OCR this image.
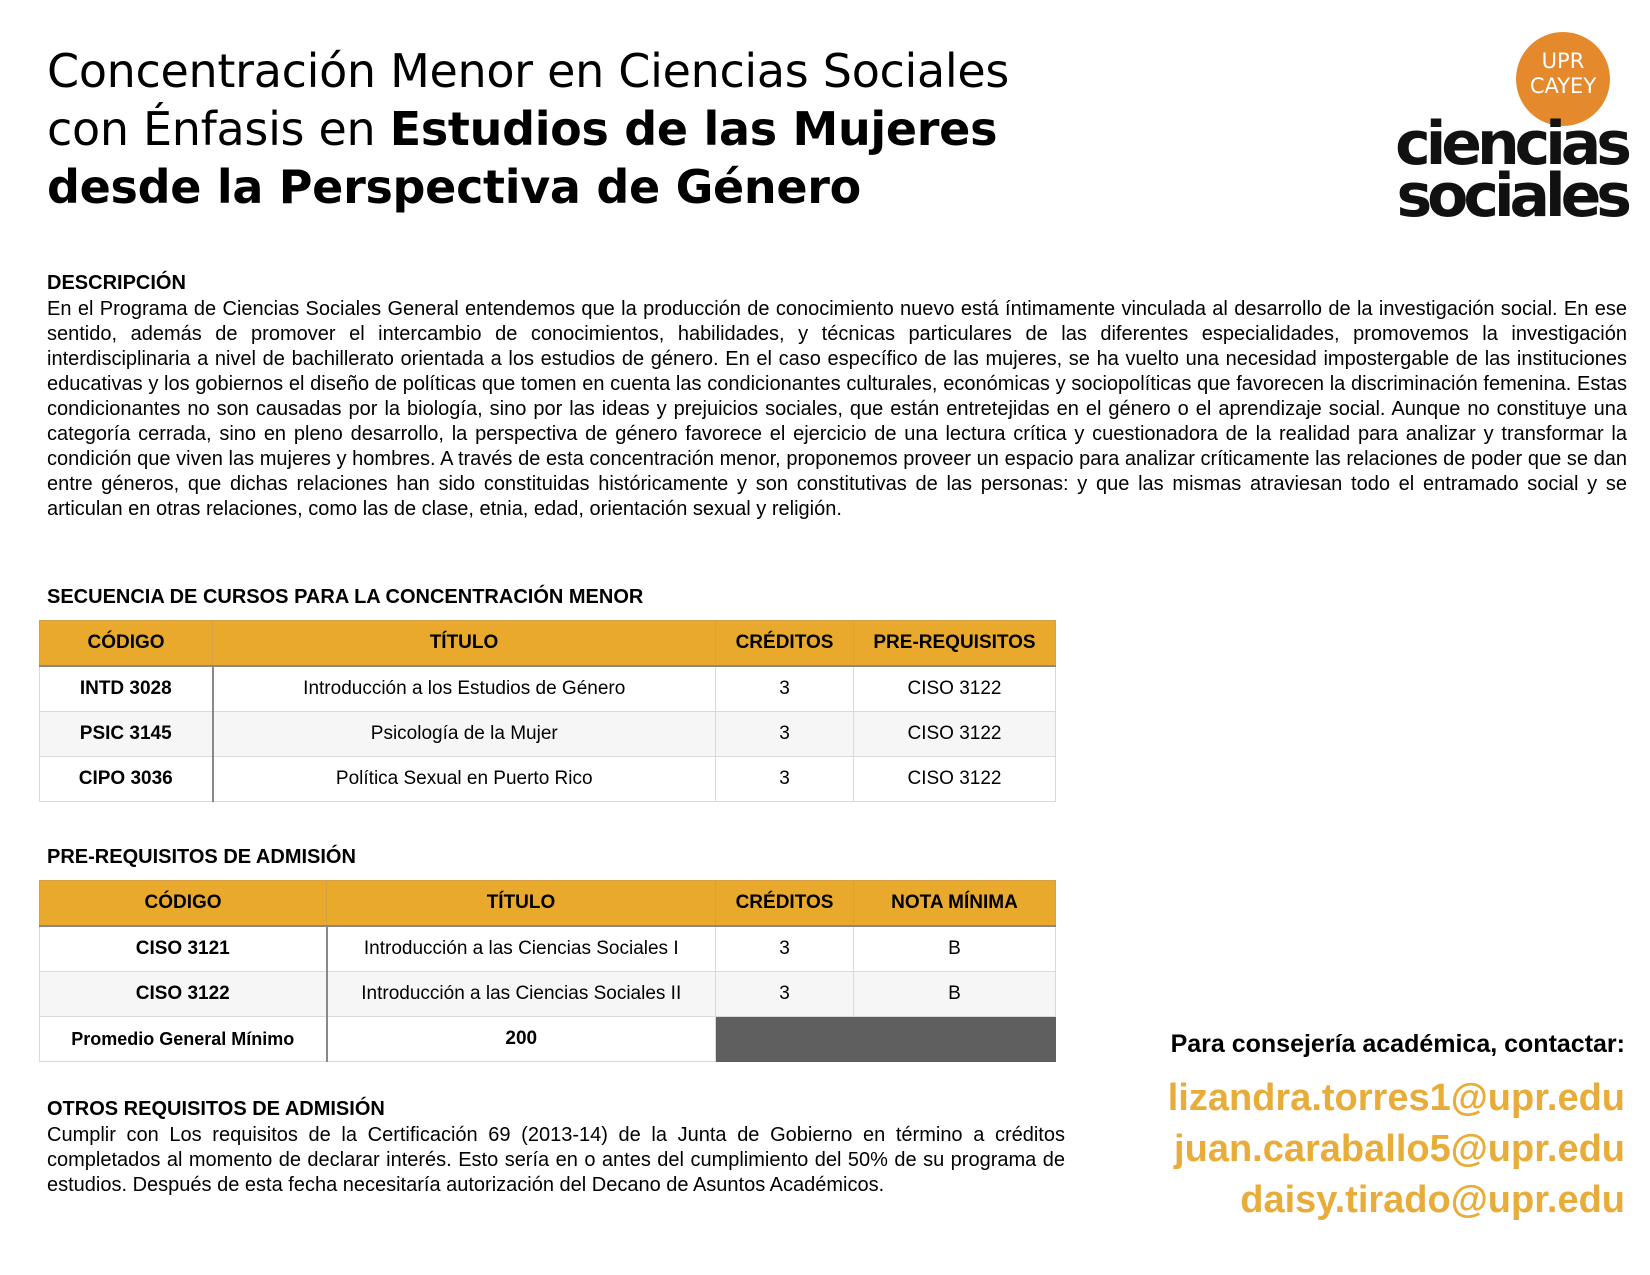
Concentración Menor en Ciencias Sociales
con Énfasis en Estudios de las Mujeres
desde la Perspectiva de Género
UPR
CAYEY
ciencias
sociales
DESCRIPCIÓN
En el Programa de Ciencias Sociales General entendemos que la producción de conocimiento nuevo está íntimamente vinculada al desarrollo de la investigación social. En ese sentido, además de promover el intercambio de conocimientos, habilidades, y técnicas particulares de las diferentes especialidades, promovemos la investigación interdisciplinaria a nivel de bachillerato orientada a los estudios de género. En el caso específico de las mujeres, se ha vuelto una necesidad impostergable de las instituciones educativas y los gobiernos el diseño de políticas que tomen en cuenta las condicionantes culturales, económicas y sociopolíticas que favorecen la discriminación femenina. Estas condicionantes no son causadas por la biología, sino por las ideas y prejuicios sociales, que están entretejidas en el género o el aprendizaje social. Aunque no constituye una categoría cerrada, sino en pleno desarrollo, la perspectiva de género favorece el ejercicio de una lectura crítica y cuestionadora de la realidad para analizar y transformar la condición que viven las mujeres y hombres. A través de esta concentración menor, proponemos proveer un espacio para analizar críticamente las relaciones de poder que se dan entre géneros, que dichas relaciones han sido constituidas históricamente y son constitutivas de las personas: y que las mismas atraviesan todo el entramado social y se articulan en otras relaciones, como las de clase, etnia, edad, orientación sexual y religión.
SECUENCIA DE CURSOS PARA LA CONCENTRACIÓN MENOR
CÓDIGO	TÍTULO	CRÉDITOS	PRE-REQUISITOS
INTD 3028	Introducción a los Estudios de Género	3	CISO 3122
PSIC 3145	Psicología de la Mujer	3	CISO 3122
CIPO 3036	Política Sexual en Puerto Rico	3	CISO 3122
PRE-REQUISITOS DE ADMISIÓN
CÓDIGO	TÍTULO	CRÉDITOS	NOTA MÍNIMA
CISO 3121	Introducción a las Ciencias Sociales I	3	B
CISO 3122	Introducción a las Ciencias Sociales II	3	B
Promedio General Mínimo	200		
OTROS REQUISITOS DE ADMISIÓN
Cumplir con Los requisitos de la Certificación 69 (2013-14) de la Junta de Gobierno en término a créditos completados al momento de declarar interés. Esto sería en o antes del cumplimiento del 50% de su programa de estudios. Después de esta fecha necesitaría autorización del Decano de Asuntos Académicos.
Para consejería académica, contactar:
lizandra.torres1@upr.edu
juan.caraballo5@upr.edu
daisy.tirado@upr.edu
